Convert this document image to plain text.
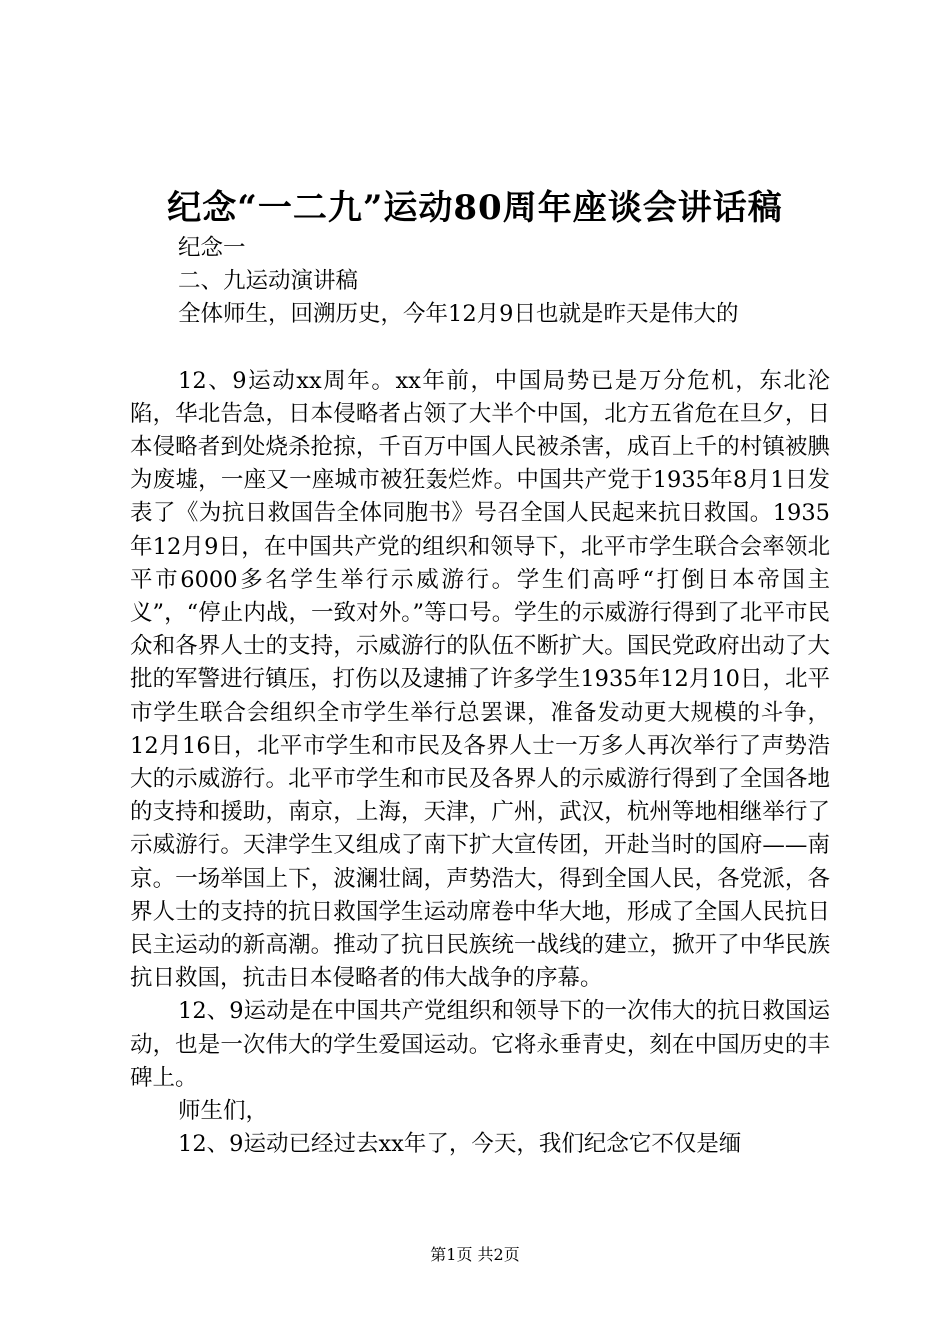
纪念“一二九”运动80周年座谈会讲话稿

纪念一

二、九运动演讲稿

全体师生，回溯历史，今年12月9日也就是昨天是伟大的

12、9运动xx周年。xx年前，中国局势已是万分危机，东北沦陷，华北告急，日本侵略者占领了大半个中国，北方五省危在旦夕，日本侵略者到处烧杀抢掠，千百万中国人民被杀害，成百上千的村镇被腆为废墟，一座又一座城市被狂轰烂炸。中国共产党于1935年8月1日发表了《为抗日救国告全体同胞书》号召全国人民起来抗日救国。1935年12月9日，在中国共产党的组织和领导下，北平市学生联合会率领北平市6000多名学生举行示威游行。学生们高呼“打倒日本帝国主义”，“停止内战，一致对外。”等口号。学生的示威游行得到了北平市民众和各界人士的支持，示威游行的队伍不断扩大。国民党政府出动了大批的军警进行镇压，打伤以及逮捕了许多学生1935年12月10日，北平市学生联合会组织全市学生举行总罢课，准备发动更大规模的斗争，12月16日，北平市学生和市民及各界人士一万多人再次举行了声势浩大的示威游行。北平市学生和市民及各界人的示威游行得到了全国各地的支持和援助，南京，上海，天津，广州，武汉，杭州等地相继举行了示威游行。天津学生又组成了南下扩大宣传团，开赴当时的国府——南京。一场举国上下，波澜壮阔，声势浩大，得到全国人民，各党派，各界人士的支持的抗日救国学生运动席卷中华大地，形成了全国人民抗日民主运动的新高潮。推动了抗日民族统一战线的建立，掀开了中华民族抗日救国，抗击日本侵略者的伟大战争的序幕。

12、9运动是在中国共产党组织和领导下的一次伟大的抗日救国运动，也是一次伟大的学生爱国运动。它将永垂青史，刻在中国历史的丰碑上。

师生们，

12、9运动已经过去xx年了，今天，我们纪念它不仅是缅

第1页 共2页
